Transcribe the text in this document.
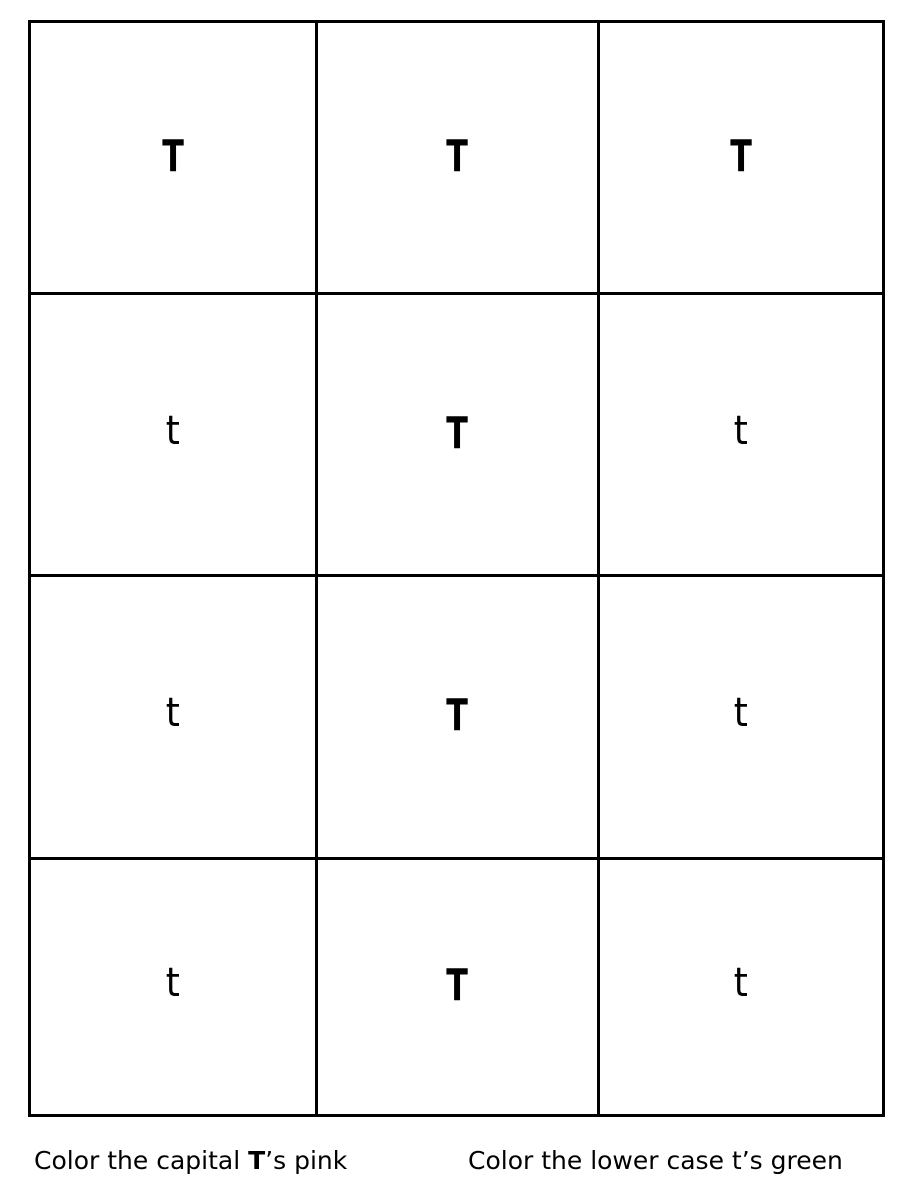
T	T	T
t	T	t
t	T	t
t	T	t
Color the capital T’s pink	Color the lower case t’s green
